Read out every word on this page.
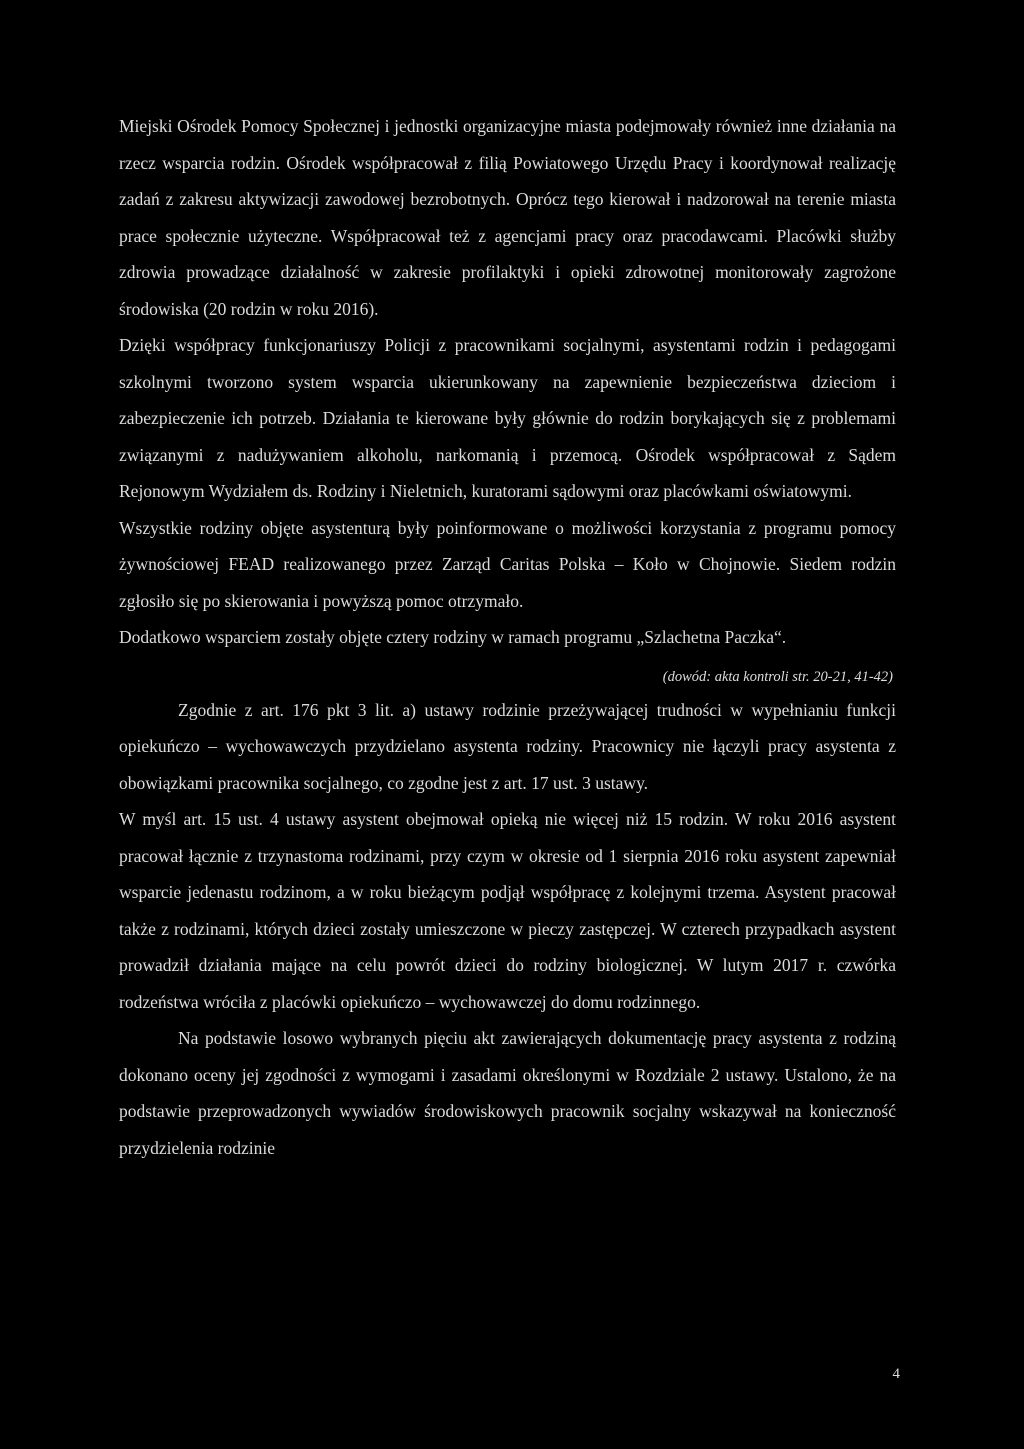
Miejski Ośrodek Pomocy Społecznej i jednostki organizacyjne miasta podejmowały również inne działania na rzecz wsparcia rodzin. Ośrodek współpracował z filią Powiatowego Urzędu Pracy i koordynował realizację zadań z zakresu aktywizacji zawodowej bezrobotnych. Oprócz tego kierował i nadzorował na terenie miasta prace społecznie użyteczne. Współpracował też z agencjami pracy oraz pracodawcami. Placówki służby zdrowia prowadzące działalność w zakresie profilaktyki i opieki zdrowotnej monitorowały zagrożone środowiska (20 rodzin w roku 2016).

Dzięki współpracy funkcjonariuszy Policji z pracownikami socjalnymi, asystentami rodzin i pedagogami szkolnymi tworzono system wsparcia ukierunkowany na zapewnienie bezpieczeństwa dzieciom i zabezpieczenie ich potrzeb. Działania te kierowane były głównie do rodzin borykających się z problemami związanymi z nadużywaniem alkoholu, narkomanią i przemocą. Ośrodek współpracował z Sądem Rejonowym Wydziałem ds. Rodziny i Nieletnich, kuratorami sądowymi oraz placówkami oświatowymi.

Wszystkie rodziny objęte asystenturą były poinformowane o możliwości korzystania z programu pomocy żywnościowej FEAD realizowanego przez Zarząd Caritas Polska – Koło w Chojnowie. Siedem rodzin zgłosiło się po skierowania i powyższą pomoc otrzymało.

Dodatkowo wsparciem zostały objęte cztery rodziny w ramach programu „Szlachetna Paczka“.

(dowód: akta kontroli str. 20-21, 41-42)

Zgodnie z art. 176 pkt 3 lit. a) ustawy rodzinie przeżywającej trudności w wypełnianiu funkcji opiekuńczo – wychowawczych przydzielano asystenta rodziny. Pracownicy nie łączyli pracy asystenta z obowiązkami pracownika socjalnego, co zgodne jest z art. 17 ust. 3 ustawy.

W myśl art. 15 ust. 4 ustawy asystent obejmował opieką nie więcej niż 15 rodzin. W roku 2016 asystent pracował łącznie z trzynastoma rodzinami, przy czym w okresie od 1 sierpnia 2016 roku asystent zapewniał wsparcie jedenastu rodzinom, a w roku bieżącym podjął współpracę z kolejnymi trzema. Asystent pracował także z rodzinami, których dzieci zostały umieszczone w pieczy zastępczej. W czterech przypadkach asystent prowadził działania mające na celu powrót dzieci do rodziny biologicznej. W lutym 2017 r. czwórka rodzeństwa wróciła z placówki opiekuńczo – wychowawczej do domu rodzinnego.

Na podstawie losowo wybranych pięciu akt zawierających dokumentację pracy asystenta z rodziną dokonano oceny jej zgodności z wymogami i zasadami określonymi w Rozdziale 2 ustawy. Ustalono, że na podstawie przeprowadzonych wywiadów środowiskowych pracownik socjalny wskazywał na konieczność przydzielenia rodzinie

4
